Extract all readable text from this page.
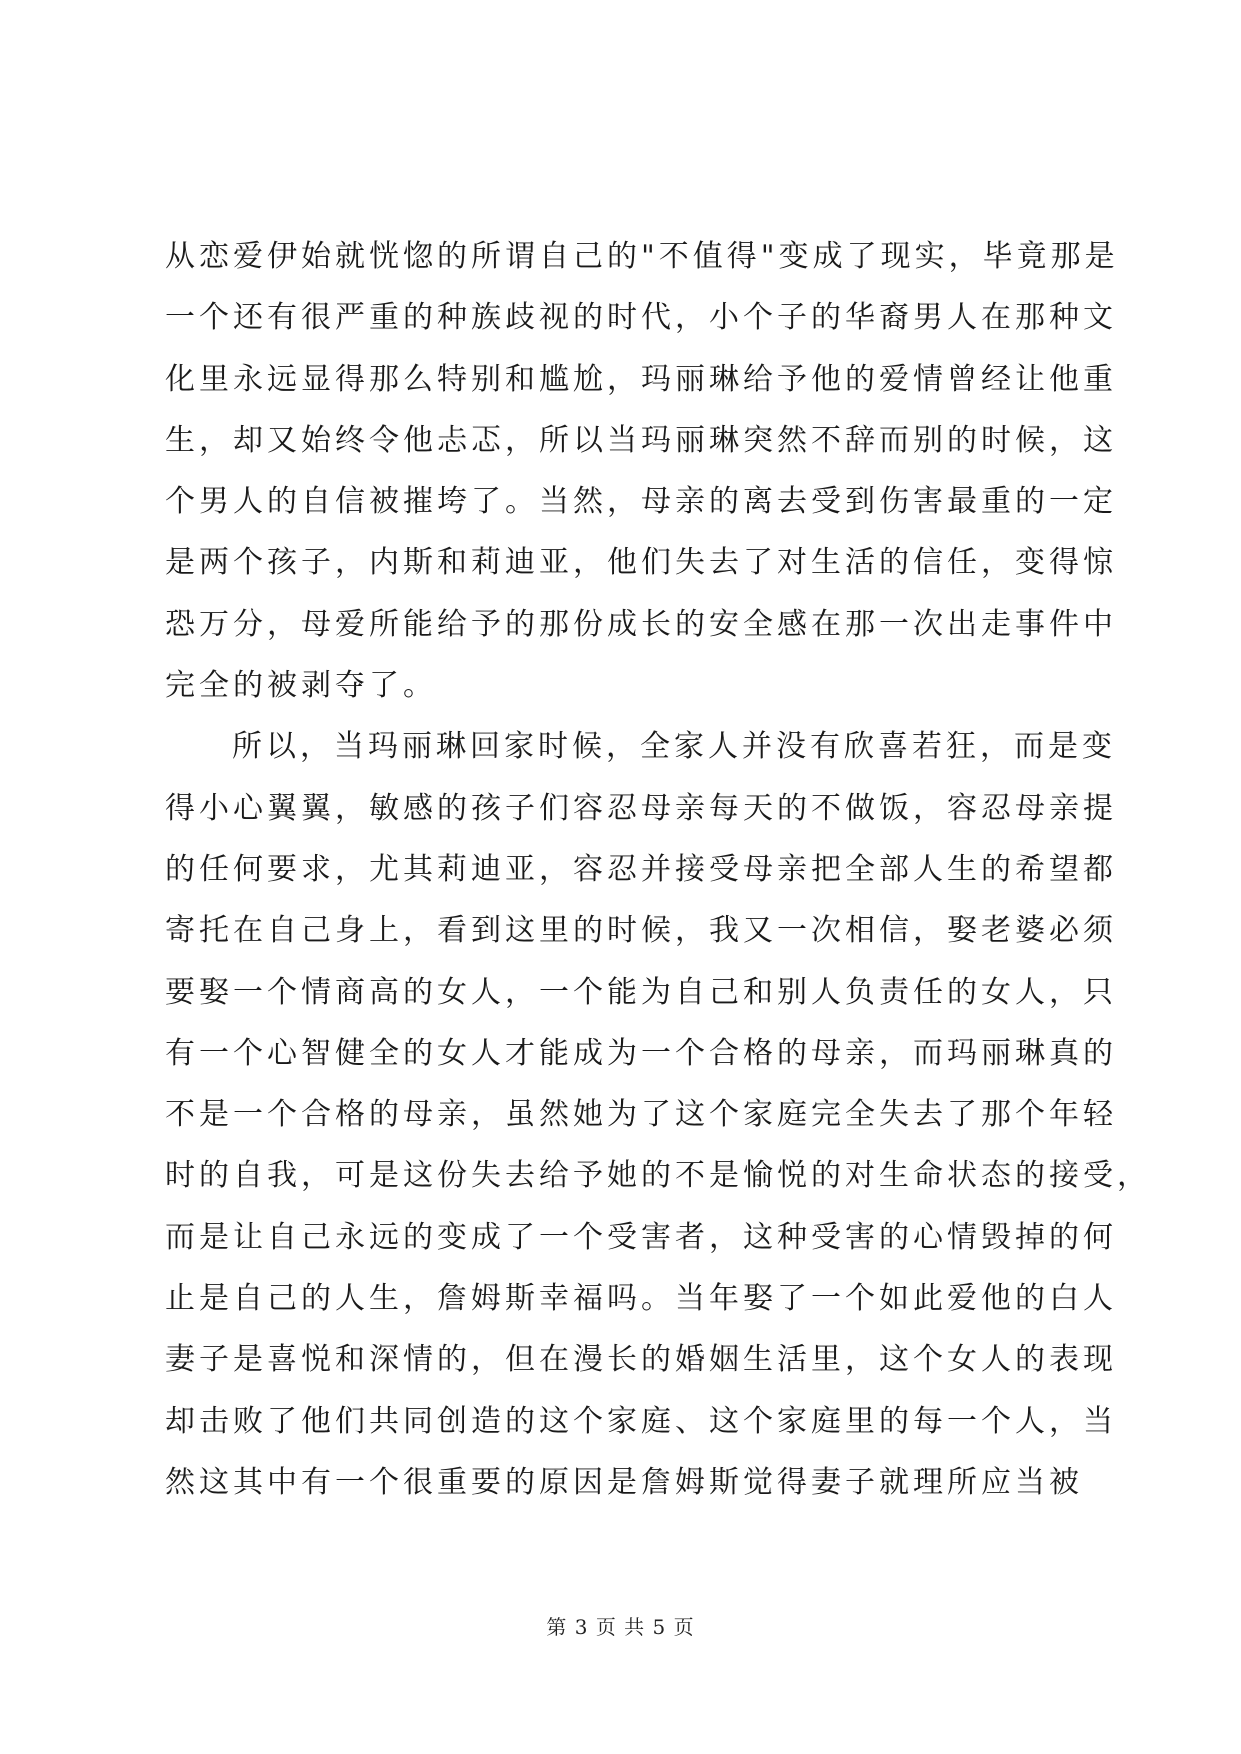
从恋爱伊始就恍惚的所谓自己的"不值得"变成了现实，毕竟那是
一个还有很严重的种族歧视的时代，小个子的华裔男人在那种文
化里永远显得那么特别和尴尬，玛丽琳给予他的爱情曾经让他重
生，却又始终令他忐忑，所以当玛丽琳突然不辞而别的时候，这
个男人的自信被摧垮了。当然，母亲的离去受到伤害最重的一定
是两个孩子，内斯和莉迪亚，他们失去了对生活的信任，变得惊
恐万分，母爱所能给予的那份成长的安全感在那一次出走事件中
完全的被剥夺了。
所以，当玛丽琳回家时候，全家人并没有欣喜若狂，而是变
得小心翼翼，敏感的孩子们容忍母亲每天的不做饭，容忍母亲提
的任何要求，尤其莉迪亚，容忍并接受母亲把全部人生的希望都
寄托在自己身上，看到这里的时候，我又一次相信，娶老婆必须
要娶一个情商高的女人，一个能为自己和别人负责任的女人，只
有一个心智健全的女人才能成为一个合格的母亲，而玛丽琳真的
不是一个合格的母亲，虽然她为了这个家庭完全失去了那个年轻
时的自我，可是这份失去给予她的不是愉悦的对生命状态的接受，
而是让自己永远的变成了一个受害者，这种受害的心情毁掉的何
止是自己的人生，詹姆斯幸福吗。当年娶了一个如此爱他的白人
妻子是喜悦和深情的，但在漫长的婚姻生活里，这个女人的表现
却击败了他们共同创造的这个家庭、这个家庭里的每一个人，当
然这其中有一个很重要的原因是詹姆斯觉得妻子就理所应当被
第 3 页 共 5 页
